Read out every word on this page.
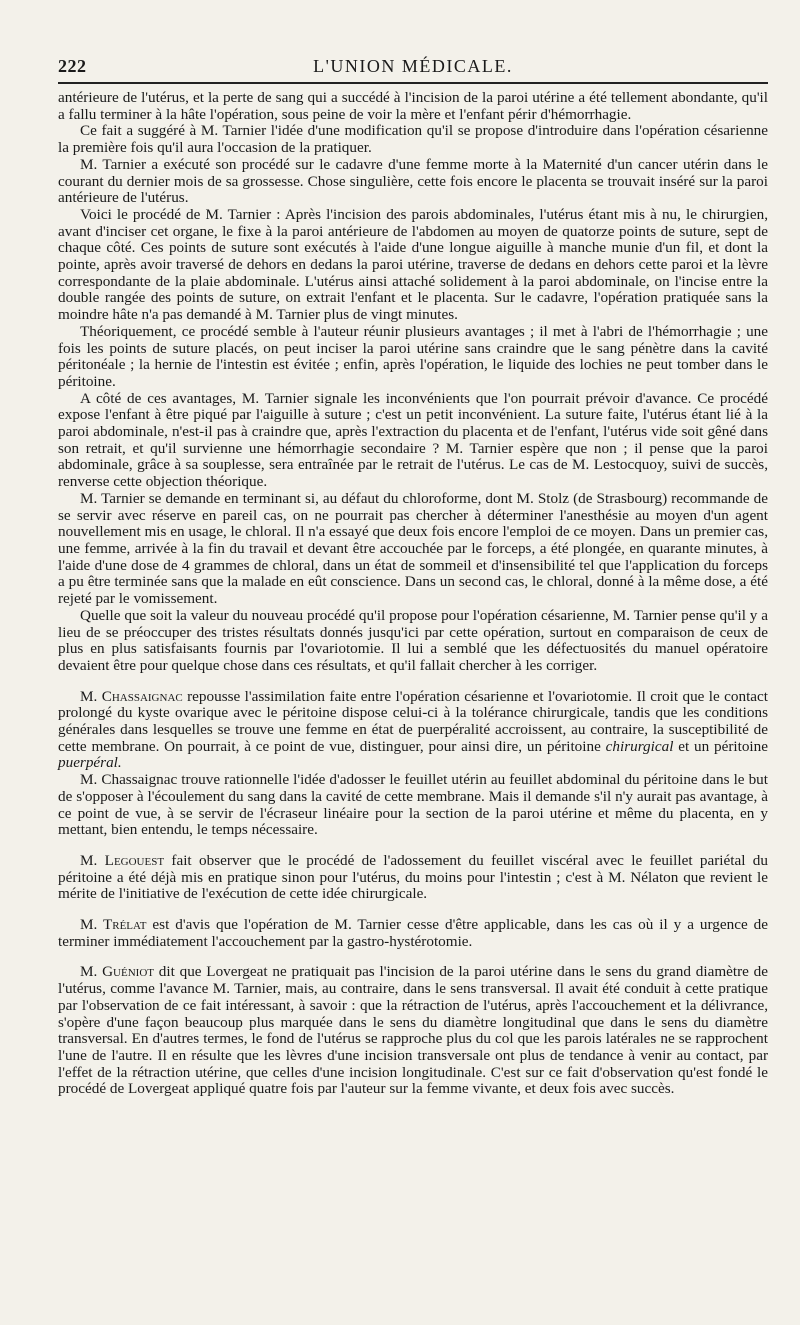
222	L'UNION MÉDICALE.

antérieure de l'utérus, et la perte de sang qui a succédé à l'incision de la paroi utérine a été tellement abondante, qu'il a fallu terminer à la hâte l'opération, sous peine de voir la mère et l'enfant périr d'hémorrhagie.

Ce fait a suggéré à M. Tarnier l'idée d'une modification qu'il se propose d'introduire dans l'opération césarienne la première fois qu'il aura l'occasion de la pratiquer.

M. Tarnier a exécuté son procédé sur le cadavre d'une femme morte à la Maternité d'un cancer utérin dans le courant du dernier mois de sa grossesse. Chose singulière, cette fois encore le placenta se trouvait inséré sur la paroi antérieure de l'utérus.

Voici le procédé de M. Tarnier : Après l'incision des parois abdominales, l'utérus étant mis à nu, le chirurgien, avant d'inciser cet organe, le fixe à la paroi antérieure de l'abdomen au moyen de quatorze points de suture, sept de chaque côté. Ces points de suture sont exécutés à l'aide d'une longue aiguille à manche munie d'un fil, et dont la pointe, après avoir traversé de dehors en dedans la paroi utérine, traverse de dedans en dehors cette paroi et la lèvre correspondante de la plaie abdominale. L'utérus ainsi attaché solidement à la paroi abdominale, on l'incise entre la double rangée des points de suture, on extrait l'enfant et le placenta. Sur le cadavre, l'opération pratiquée sans la moindre hâte n'a pas demandé à M. Tarnier plus de vingt minutes.

Théoriquement, ce procédé semble à l'auteur réunir plusieurs avantages ; il met à l'abri de l'hémorrhagie ; une fois les points de suture placés, on peut inciser la paroi utérine sans craindre que le sang pénètre dans la cavité péritonéale ; la hernie de l'intestin est évitée ; enfin, après l'opération, le liquide des lochies ne peut tomber dans le péritoine.

A côté de ces avantages, M. Tarnier signale les inconvénients que l'on pourrait prévoir d'avance. Ce procédé expose l'enfant à être piqué par l'aiguille à suture ; c'est un petit inconvénient. La suture faite, l'utérus étant lié à la paroi abdominale, n'est-il pas à craindre que, après l'extraction du placenta et de l'enfant, l'utérus vide soit gêné dans son retrait, et qu'il survienne une hémorrhagie secondaire ? M. Tarnier espère que non ; il pense que la paroi abdominale, grâce à sa souplesse, sera entraînée par le retrait de l'utérus. Le cas de M. Lestocquoy, suivi de succès, renverse cette objection théorique.

M. Tarnier se demande en terminant si, au défaut du chloroforme, dont M. Stolz (de Strasbourg) recommande de se servir avec réserve en pareil cas, on ne pourrait pas chercher à déterminer l'anesthésie au moyen d'un agent nouvellement mis en usage, le chloral. Il n'a essayé que deux fois encore l'emploi de ce moyen. Dans un premier cas, une femme, arrivée à la fin du travail et devant être accouchée par le forceps, a été plongée, en quarante minutes, à l'aide d'une dose de 4 grammes de chloral, dans un état de sommeil et d'insensibilité tel que l'application du forceps a pu être terminée sans que la malade en eût conscience. Dans un second cas, le chloral, donné à la même dose, a été rejeté par le vomissement.

Quelle que soit la valeur du nouveau procédé qu'il propose pour l'opération césarienne, M. Tarnier pense qu'il y a lieu de se préoccuper des tristes résultats donnés jusqu'ici par cette opération, surtout en comparaison de ceux de plus en plus satisfaisants fournis par l'ovariotomie. Il lui a semblé que les défectuosités du manuel opératoire devaient être pour quelque chose dans ces résultats, et qu'il fallait chercher à les corriger.

M. Chassaignac repousse l'assimilation faite entre l'opération césarienne et l'ovariotomie. Il croit que le contact prolongé du kyste ovarique avec le péritoine dispose celui-ci à la tolérance chirurgicale, tandis que les conditions générales dans lesquelles se trouve une femme en état de puerpéralité accroissent, au contraire, la susceptibilité de cette membrane. On pourrait, à ce point de vue, distinguer, pour ainsi dire, un péritoine chirurgical et un péritoine puerpéral.

M. Chassaignac trouve rationnelle l'idée d'adosser le feuillet utérin au feuillet abdominal du péritoine dans le but de s'opposer à l'écoulement du sang dans la cavité de cette membrane. Mais il demande s'il n'y aurait pas avantage, à ce point de vue, à se servir de l'écraseur linéaire pour la section de la paroi utérine et même du placenta, en y mettant, bien entendu, le temps nécessaire.

M. Legouest fait observer que le procédé de l'adossement du feuillet viscéral avec le feuillet pariétal du péritoine a été déjà mis en pratique sinon pour l'utérus, du moins pour l'intestin ; c'est à M. Nélaton que revient le mérite de l'initiative de l'exécution de cette idée chirurgicale.

M. Trélat est d'avis que l'opération de M. Tarnier cesse d'être applicable, dans les cas où il y a urgence de terminer immédiatement l'accouchement par la gastro-hystérotomie.

M. Guéniot dit que Lovergeat ne pratiquait pas l'incision de la paroi utérine dans le sens du grand diamètre de l'utérus, comme l'avance M. Tarnier, mais, au contraire, dans le sens transversal. Il avait été conduit à cette pratique par l'observation de ce fait intéressant, à savoir : que la rétraction de l'utérus, après l'accouchement et la délivrance, s'opère d'une façon beaucoup plus marquée dans le sens du diamètre longitudinal que dans le sens du diamètre transversal. En d'autres termes, le fond de l'utérus se rapproche plus du col que les parois latérales ne se rapprochent l'une de l'autre. Il en résulte que les lèvres d'une incision transversale ont plus de tendance à venir au contact, par l'effet de la rétraction utérine, que celles d'une incision longitudinale. C'est sur ce fait d'observation qu'est fondé le procédé de Lovergeat appliqué quatre fois par l'auteur sur la femme vivante, et deux fois avec succès.
